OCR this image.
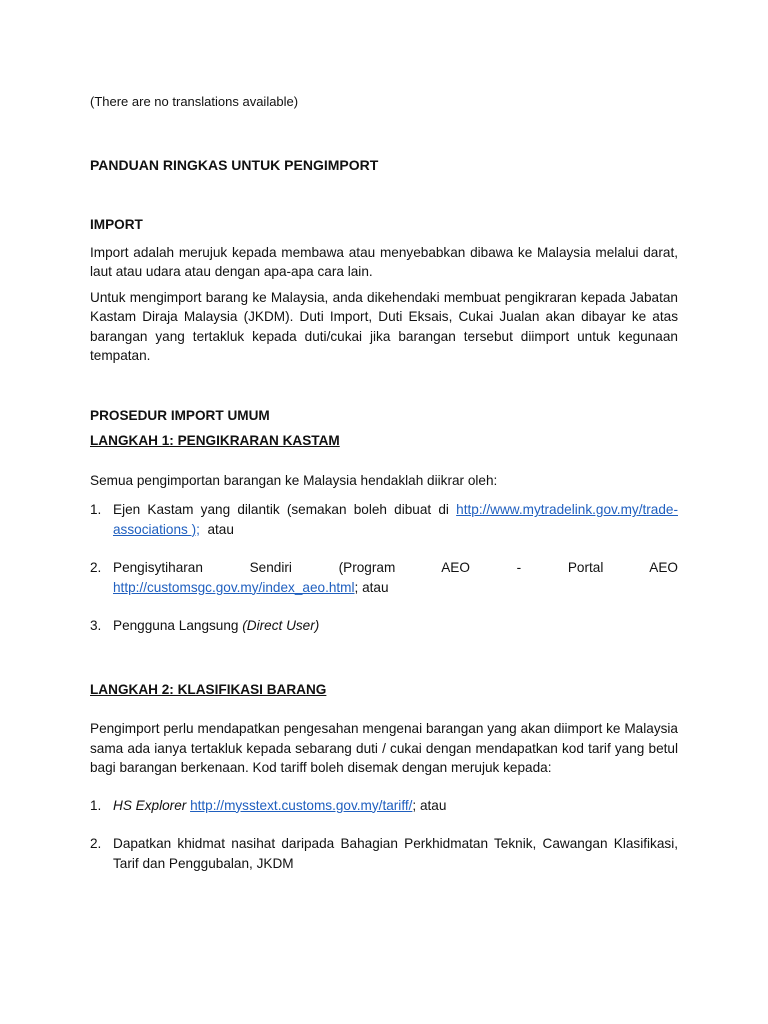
(There are no translations available)

PANDUAN RINGKAS UNTUK PENGIMPORT

IMPORT

Import adalah merujuk kepada membawa atau menyebabkan dibawa ke Malaysia melalui darat, laut atau udara atau dengan apa-apa cara lain.

Untuk mengimport barang ke Malaysia, anda dikehendaki membuat pengikraran kepada Jabatan Kastam Diraja Malaysia (JKDM). Duti Import, Duti Eksais, Cukai Jualan akan dibayar ke atas barangan yang tertakluk kepada duti/cukai jika barangan tersebut diimport untuk kegunaan tempatan.

PROSEDUR IMPORT UMUM

LANGKAH 1: PENGIKRARAN KASTAM

Semua pengimportan barangan ke Malaysia hendaklah diikrar oleh:

1. Ejen Kastam yang dilantik (semakan boleh dibuat di http://www.mytradelink.gov.my/trade-associations );  atau
2. Pengisytiharan Sendiri (Program AEO - Portal AEO
http://customsgc.gov.my/index_aeo.html; atau
3. Pengguna Langsung (Direct User)

LANGKAH 2: KLASIFIKASI BARANG

Pengimport perlu mendapatkan pengesahan mengenai barangan yang akan diimport ke Malaysia sama ada ianya tertakluk kepada sebarang duti / cukai dengan mendapatkan kod tarif yang betul bagi barangan berkenaan. Kod tariff boleh disemak dengan merujuk kepada:

1. HS Explorer http://mysstext.customs.gov.my/tariff/; atau
2. Dapatkan khidmat nasihat daripada Bahagian Perkhidmatan Teknik, Cawangan Klasifikasi, Tarif dan Penggubalan, JKDM
